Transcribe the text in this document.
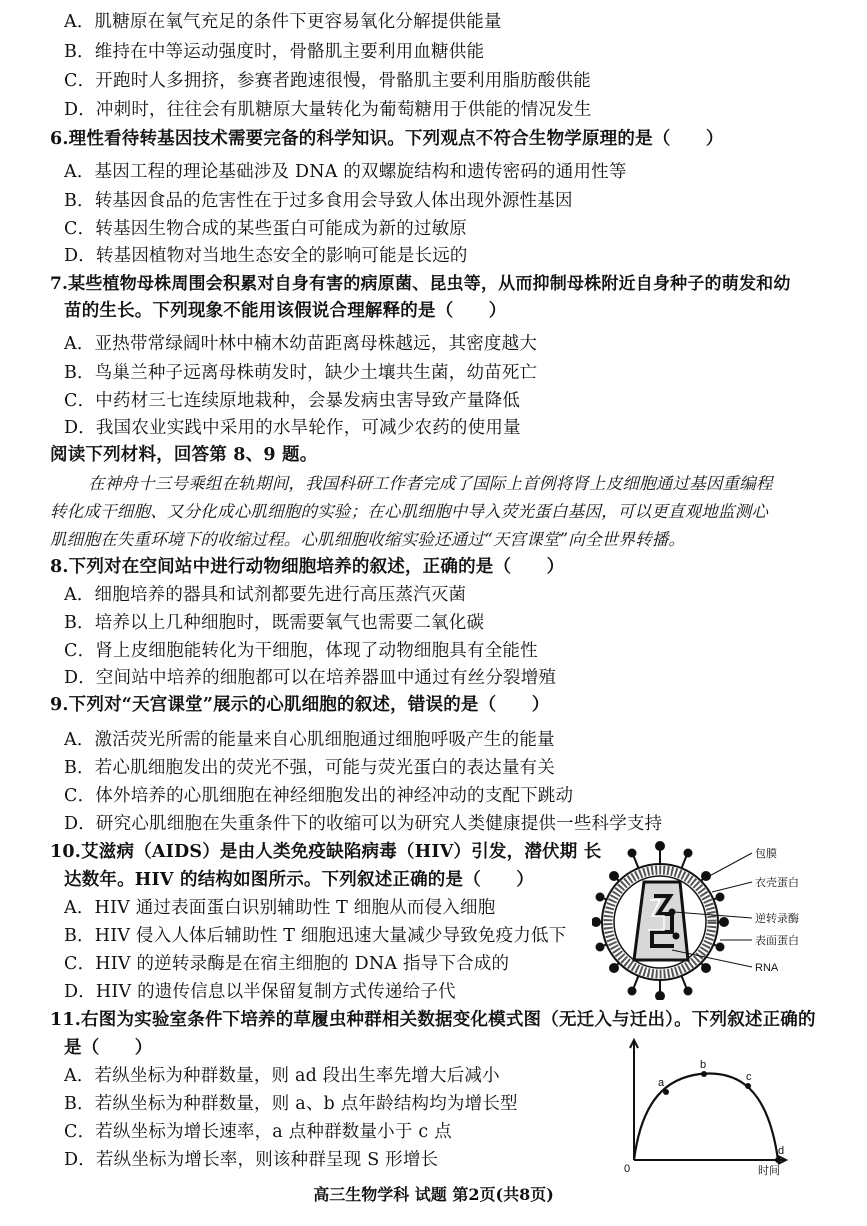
A．肌糖原在氧气充足的条件下更容易氧化分解提供能量
B．维持在中等运动强度时，骨骼肌主要利用血糖供能
C．开跑时人多拥挤，参赛者跑速很慢，骨骼肌主要利用脂肪酸供能
D．冲刺时，往往会有肌糖原大量转化为葡萄糖用于供能的情况发生
6.理性看待转基因技术需要完备的科学知识。下列观点不符合生物学原理的是（　　）
A．基因工程的理论基础涉及 DNA 的双螺旋结构和遗传密码的通用性等
B．转基因食品的危害性在于过多食用会导致人体出现外源性基因
C．转基因生物合成的某些蛋白可能成为新的过敏原
D．转基因植物对当地生态安全的影响可能是长远的
7.某些植物母株周围会积累对自身有害的病原菌、昆虫等，从而抑制母株附近自身种子的萌发和幼
苗的生长。下列现象不能用该假说合理解释的是（　　）
A．亚热带常绿阔叶林中楠木幼苗距离母株越远，其密度越大
B．鸟巢兰种子远离母株萌发时，缺少土壤共生菌，幼苗死亡
C．中药材三七连续原地栽种，会暴发病虫害导致产量降低
D．我国农业实践中采用的水旱轮作，可减少农药的使用量
阅读下列材料，回答第 8、9 题。
在神舟十三号乘组在轨期间，我国科研工作者完成了国际上首例将肾上皮细胞通过基因重编程
转化成干细胞、又分化成心肌细胞的实验；在心肌细胞中导入荧光蛋白基因，可以更直观地监测心
肌细胞在失重环境下的收缩过程。心肌细胞收缩实验还通过“天宫课堂”向全世界转播。
8.下列对在空间站中进行动物细胞培养的叙述，正确的是（　　）
A．细胞培养的器具和试剂都要先进行高压蒸汽灭菌
B．培养以上几种细胞时，既需要氧气也需要二氧化碳
C．肾上皮细胞能转化为干细胞，体现了动物细胞具有全能性
D．空间站中培养的细胞都可以在培养器皿中通过有丝分裂增殖
9.下列对“天宫课堂”展示的心肌细胞的叙述，错误的是（　　）
A．激活荧光所需的能量来自心肌细胞通过细胞呼吸产生的能量
B．若心肌细胞发出的荧光不强，可能与荧光蛋白的表达量有关
C．体外培养的心肌细胞在神经细胞发出的神经冲动的支配下跳动
D．研究心肌细胞在失重条件下的收缩可以为研究人类健康提供一些科学支持
10.艾滋病（AIDS）是由人类免疫缺陷病毒（HIV）引发，潜伏期 长
达数年。HIV 的结构如图所示。下列叙述正确的是（　　）
A．HIV 通过表面蛋白识别辅助性 T 细胞从而侵入细胞
B．HIV 侵入人体后辅助性 T 细胞迅速大量减少导致免疫力低下
C．HIV 的逆转录酶是在宿主细胞的 DNA 指导下合成的
D．HIV 的遗传信息以半保留复制方式传递给子代
包膜
衣壳蛋白
逆转录酶
表面蛋白
RNA
11.右图为实验室条件下培养的草履虫种群相关数据变化模式图（无迁入与迁出）。下列叙述正确的
是（　　）
A．若纵坐标为种群数量，则 ad 段出生率先增大后减小
B．若纵坐标为种群数量，则 a、b 点年龄结构均为增长型
C．若纵坐标为增长速率，a 点种群数量小于 c 点
D．若纵坐标为增长率，则该种群呈现 S 形增长
a
b
c
d
0	时间
高三生物学科 试题 第2页(共8页)
